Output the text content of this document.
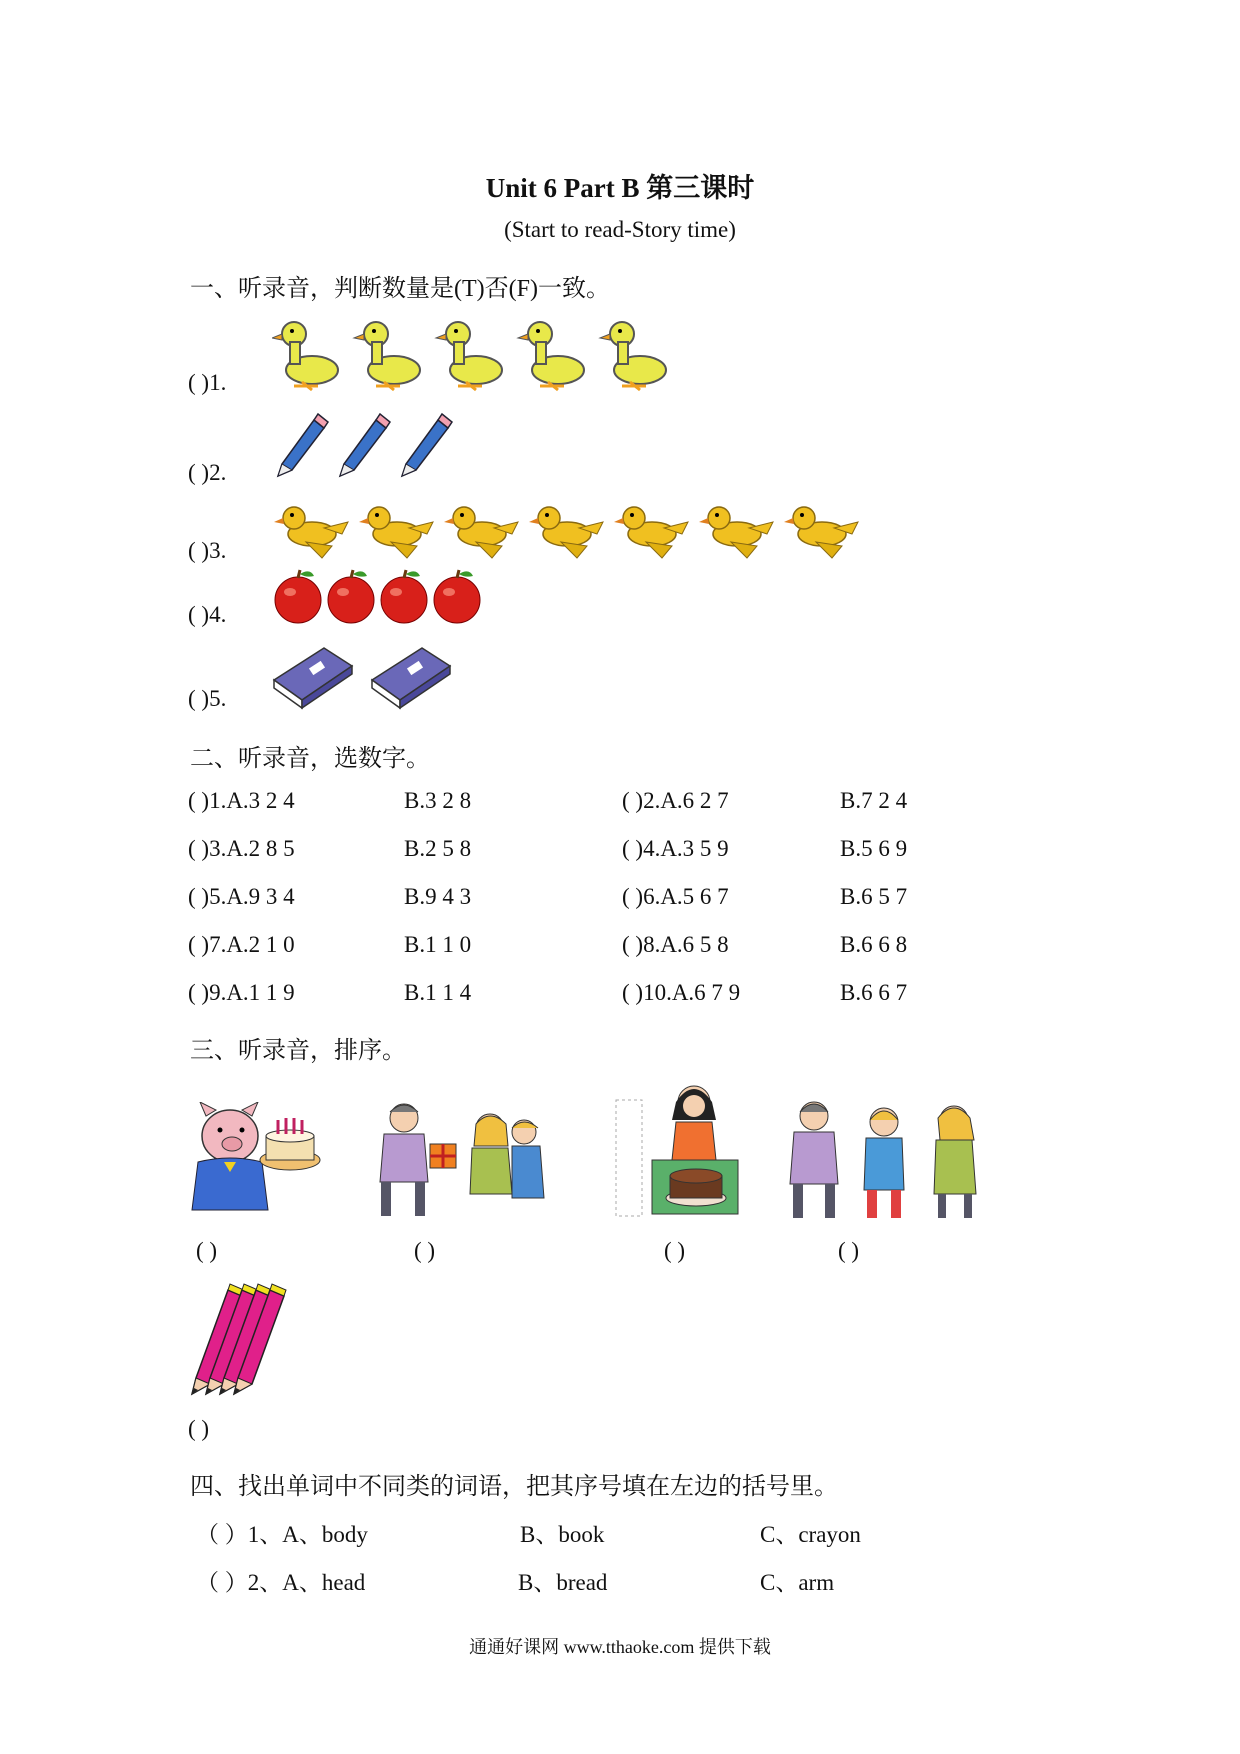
Unit 6 Part B 第三课时
(Start to read-Story time)
一、听录音，判断数量是(T)否(F)一致。
( )1.
( )2.
( )3.
( )4.
( )5.
二、听录音，选数字。
( )1.A.3 2 4	B.3 2 8	( )2.A.6 2 7	B.7 2 4
( )3.A.2 8 5	B.2 5 8	( )4.A.3 5 9	B.5 6 9
( )5.A.9 3 4	B.9 4 3	( )6.A.5 6 7	B.6 5 7
( )7.A.2 1 0	B.1 1 0	( )8.A.6 5 8	B.6 6 8
( )9.A.1 1 9	B.1 1 4	( )10.A.6 7 9	B.6 6 7
三、听录音，排序。
( )	( )	( )	( )
( )
四、找出单词中不同类的词语，把其序号填在左边的括号里。
（ ）1、A、body	B、book	C、crayon
（ ）2、A、head	B、bread	C、arm
通通好课网 www.tthaoke.com 提供下载
